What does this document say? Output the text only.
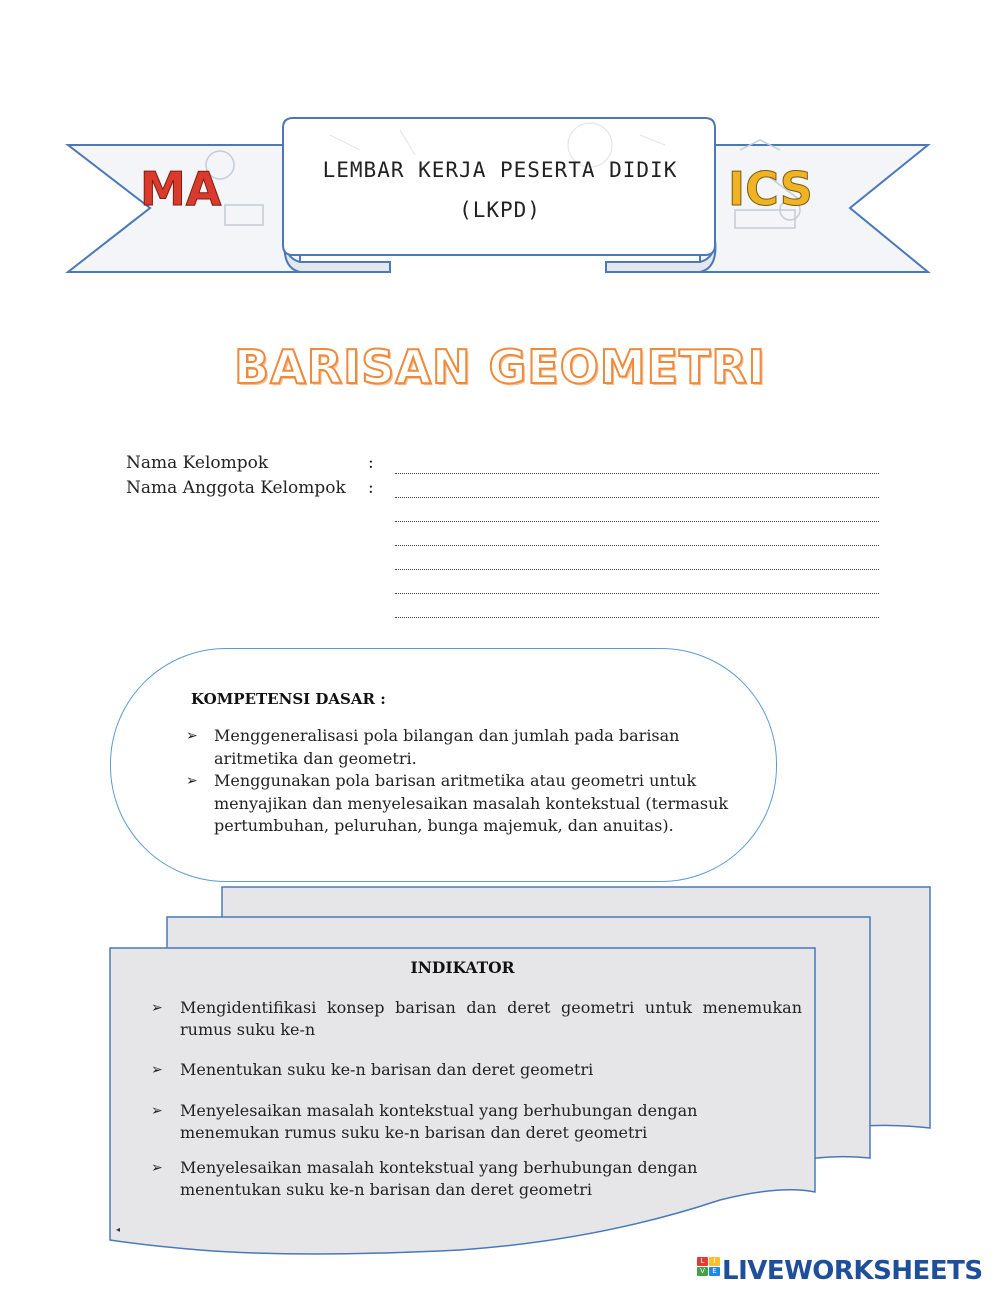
MA	ICS
LEMBAR KERJA PESERTA DIDIK
(LKPD)
BARISAN GEOMETRI
Nama Kelompok	:
Nama Anggota Kelompok :
KOMPETENSI DASAR :
➢ Menggeneralisasi pola bilangan dan jumlah pada barisan aritmetika dan geometri.
➢ Menggunakan pola barisan aritmetika atau geometri untuk menyajikan dan menyelesaikan masalah kontekstual (termasuk pertumbuhan, peluruhan, bunga majemuk, dan anuitas).
◂
INDIKATOR
➢ Mengidentifikasi konsep barisan dan deret geometri untuk menemukan rumus suku ke-n
➢ Menentukan suku ke-n barisan dan deret geometri
➢ Menyelesaikan masalah kontekstual yang berhubungan dengan menemukan rumus suku ke-n barisan dan deret geometri
➢ Menyelesaikan masalah kontekstual yang berhubungan dengan menentukan suku ke-n barisan dan deret geometri
L	I
V	E LIVEWORKSHEETS
